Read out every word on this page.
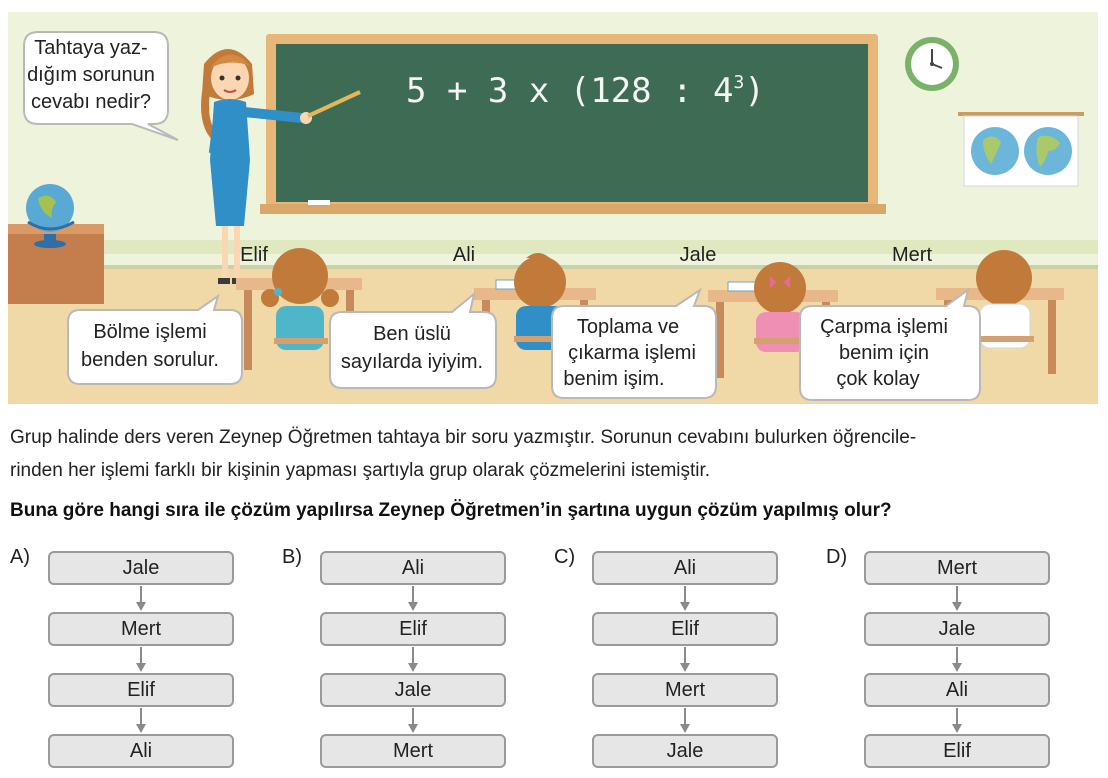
5 + 3 x (128 : $4^3$)
Tahtaya yaz-
dığım sorunun
cevabı nedir?
Elif	Ali	Jale	Mert
Bölme işlemi
benden sorulur.
Ben üslü
sayılarda iyiyim.
Toplama ve
çıkarma işlemi
benim işim.
Çarpma işlemi
benim için
çok kolay

Grup halinde ders veren Zeynep Öğretmen tahtaya bir soru yazmıştır. Sorunun cevabını bulurken öğrencile-

rinden her işlemi farklı bir kişinin yapması şartıyla grup olarak çözmelerini istemiştir.

Buna göre hangi sıra ile çözüm yapılırsa Zeynep Öğretmen’in şartına uygun çözüm yapılmış olur?

A)	Jale
Mert
Elif
Ali
B)	Ali
Elif
Jale
Mert
C)	Ali
Elif
Mert
Jale
D)	Mert
Jale
Ali
Elif
